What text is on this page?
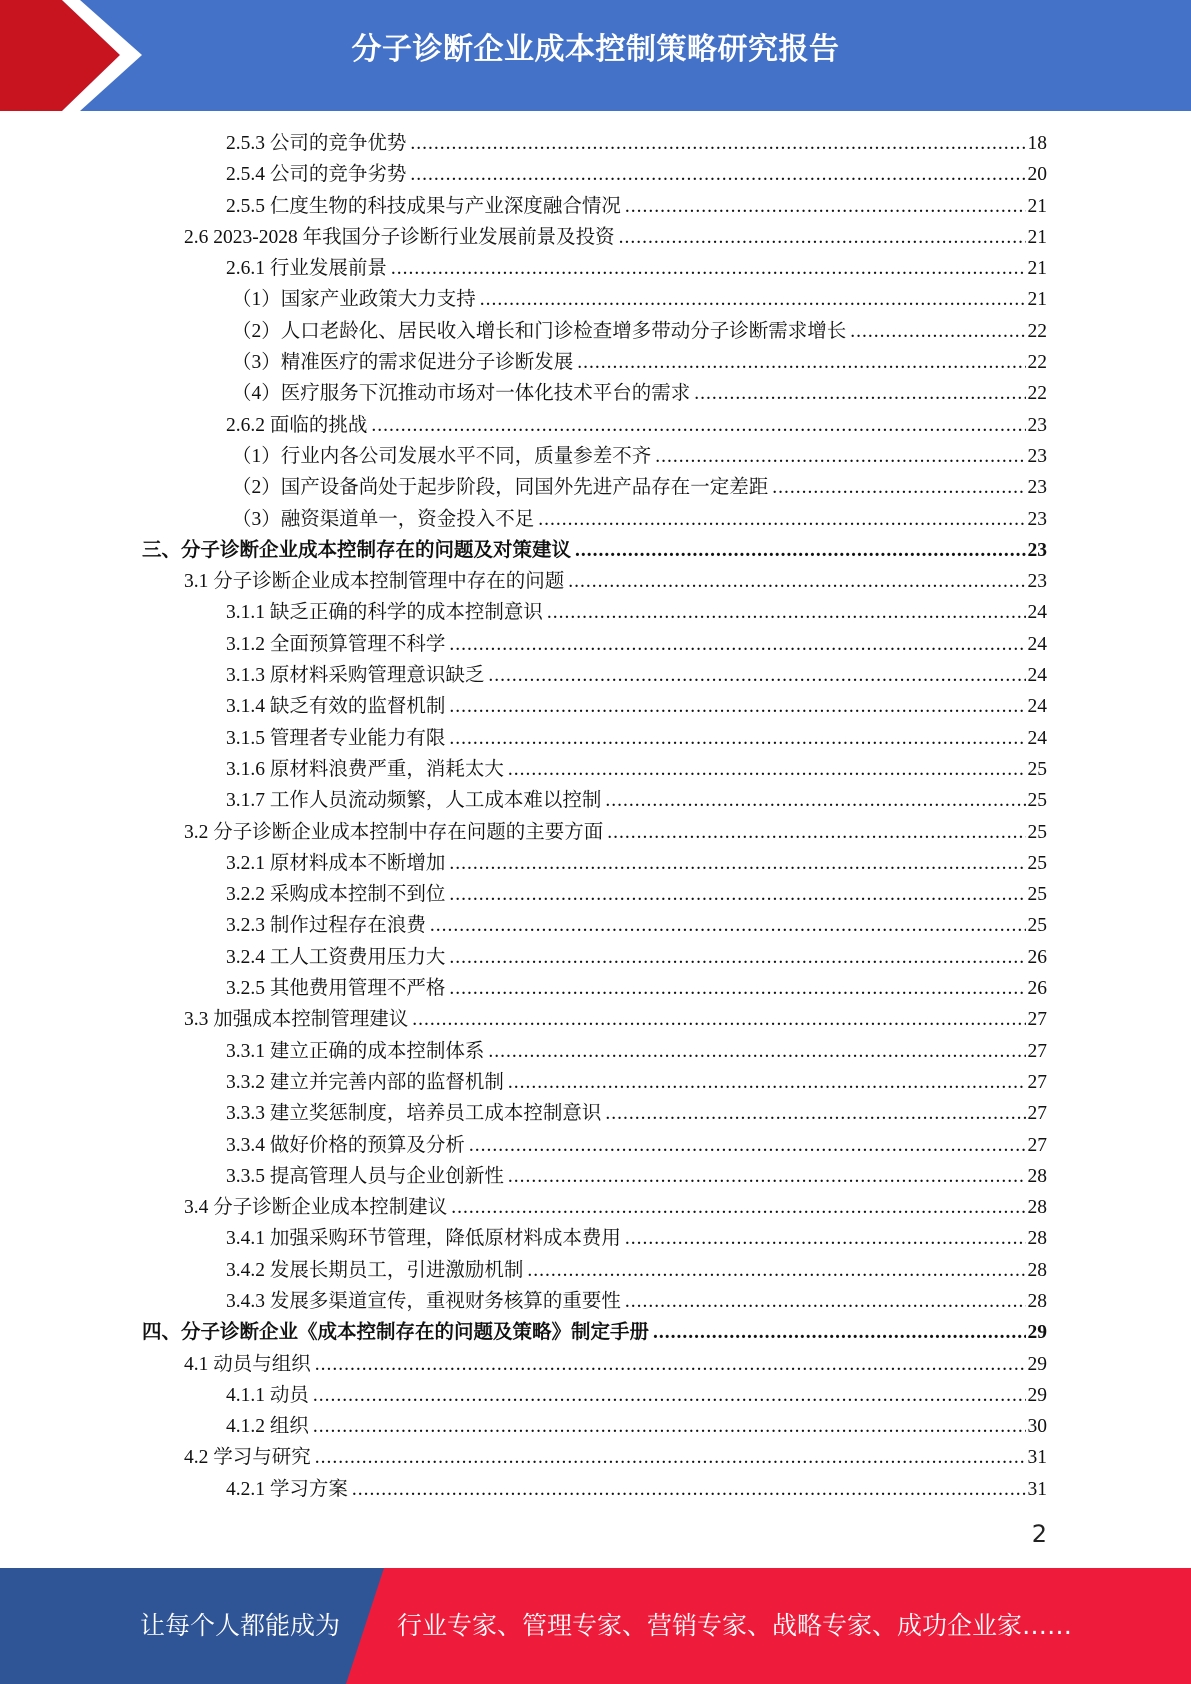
分子诊断企业成本控制策略研究报告
2.5.3 公司的竞争优势 .....	18
2.5.4 公司的竞争劣势 .....	20
2.5.5 仁度生物的科技成果与产业深度融合情况 .....	21
2.6 2023-2028 年我国分子诊断行业发展前景及投资 .....	21
2.6.1 行业发展前景 .....	21
（1）国家产业政策大力支持 .....	21
（2）人口老龄化、居民收入增长和门诊检查增多带动分子诊断需求增长 .....	22
（3）精准医疗的需求促进分子诊断发展 .....	22
（4）医疗服务下沉推动市场对一体化技术平台的需求 .....	22
2.6.2 面临的挑战 .....	23
（1）行业内各公司发展水平不同，质量参差不齐 .....	23
（2）国产设备尚处于起步阶段，同国外先进产品存在一定差距 .....	23
（3）融资渠道单一，资金投入不足 .....	23
三、分子诊断企业成本控制存在的问题及对策建议 .....	23
3.1 分子诊断企业成本控制管理中存在的问题 .....	23
3.1.1 缺乏正确的科学的成本控制意识 .....	24
3.1.2 全面预算管理不科学 .....	24
3.1.3 原材料采购管理意识缺乏 .....	24
3.1.4 缺乏有效的监督机制 .....	24
3.1.5 管理者专业能力有限 .....	24
3.1.6 原材料浪费严重，消耗太大 .....	25
3.1.7 工作人员流动频繁，人工成本难以控制 .....	25
3.2 分子诊断企业成本控制中存在问题的主要方面 .....	25
3.2.1 原材料成本不断增加 .....	25
3.2.2 采购成本控制不到位 .....	25
3.2.3 制作过程存在浪费 .....	25
3.2.4 工人工资费用压力大 .....	26
3.2.5 其他费用管理不严格 .....	26
3.3 加强成本控制管理建议 .....	27
3.3.1 建立正确的成本控制体系 .....	27
3.3.2 建立并完善内部的监督机制 .....	27
3.3.3 建立奖惩制度，培养员工成本控制意识 .....	27
3.3.4 做好价格的预算及分析 .....	27
3.3.5 提高管理人员与企业创新性 .....	28
3.4 分子诊断企业成本控制建议 .....	28
3.4.1 加强采购环节管理，降低原材料成本费用 .....	28
3.4.2 发展长期员工，引进激励机制 .....	28
3.4.3 发展多渠道宣传，重视财务核算的重要性 .....	28
四、分子诊断企业《成本控制存在的问题及策略》制定手册 .....	29
4.1 动员与组织 .....	29
4.1.1 动员 .....	29
4.1.2 组织 .....	30
4.2 学习与研究 .....	31
4.2.1 学习方案 .....	31
2
让每个人都能成为 行业专家、管理专家、营销专家、战略专家、成功企业家……
